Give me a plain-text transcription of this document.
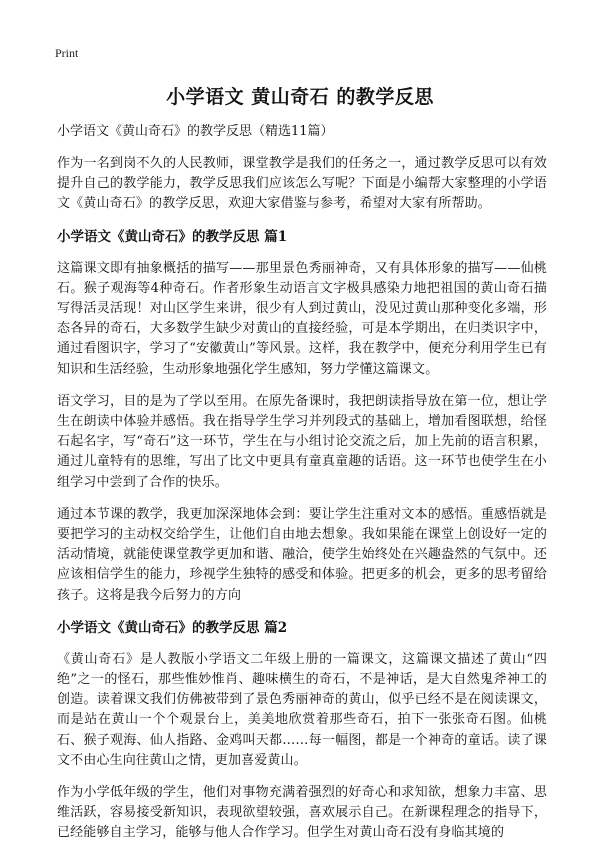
Print
小学语文 黄山奇石 的教学反思
小学语文《黄山奇石》的教学反思（精选11篇）

作为一名到岗不久的人民教师，课堂教学是我们的任务之一，通过教学反思可以有效提升自己的教学能力，教学反思我们应该怎么写呢？下面是小编帮大家整理的小学语文《黄山奇石》的教学反思，欢迎大家借鉴与参考，希望对大家有所帮助。

小学语文《黄山奇石》的教学反思 篇1

这篇课文即有抽象概括的描写——那里景色秀丽神奇，又有具体形象的描写——仙桃石。猴子观海等4种奇石。作者形象生动语言文字极具感染力地把祖国的黄山奇石描写得活灵活现！对山区学生来讲，很少有人到过黄山，没见过黄山那种变化多端，形态各异的奇石，大多数学生缺少对黄山的直接经验，可是本学期出，在归类识字中，通过看图识字，学习了“安徽黄山”等风景。这样，我在教学中，便充分利用学生已有知识和生活经验，生动形象地强化学生感知，努力学懂这篇课文。

语文学习，目的是为了学以至用。在原先备课时，我把朗读指导放在第一位，想让学生在朗读中体验并感悟。我在指导学生学习并列段式的基础上，增加看图联想，给怪石起名字，写“奇石”这一环节，学生在与小组讨论交流之后，加上先前的语言积累，通过儿童特有的思维，写出了比文中更具有童真童趣的话语。这一环节也使学生在小组学习中尝到了合作的快乐。

通过本节课的教学，我更加深深地体会到：要让学生注重对文本的感悟。重感悟就是要把学习的主动权交给学生，让他们自由地去想象。我如果能在课堂上创设好一定的活动情境，就能使课堂教学更加和谐、融洽，使学生始终处在兴趣盎然的气氛中。还应该相信学生的能力，珍视学生独特的感受和体验。把更多的机会，更多的思考留给孩子。这将是我今后努力的方向

小学语文《黄山奇石》的教学反思 篇2

《黄山奇石》是人教版小学语文二年级上册的一篇课文，这篇课文描述了黄山“四绝”之一的怪石，那些惟妙惟肖、趣味横生的奇石，不是神话，是大自然鬼斧神工的创造。读着课文我们仿佛被带到了景色秀丽神奇的黄山，似乎已经不是在阅读课文，而是站在黄山一个个观景台上，美美地欣赏着那些奇石，拍下一张张奇石图。仙桃石、猴子观海、仙人指路、金鸡叫天都……每一幅图，都是一个神奇的童话。读了课文不由心生向往黄山之情，更加喜爱黄山。

作为小学低年级的学生，他们对事物充满着强烈的好奇心和求知欲，想象力丰富、思维活跃，容易接受新知识，表现欲望较强，喜欢展示自己。在新课程理念的指导下，已经能够自主学习，能够与他人合作学习。但学生对黄山奇石没有身临其境的
